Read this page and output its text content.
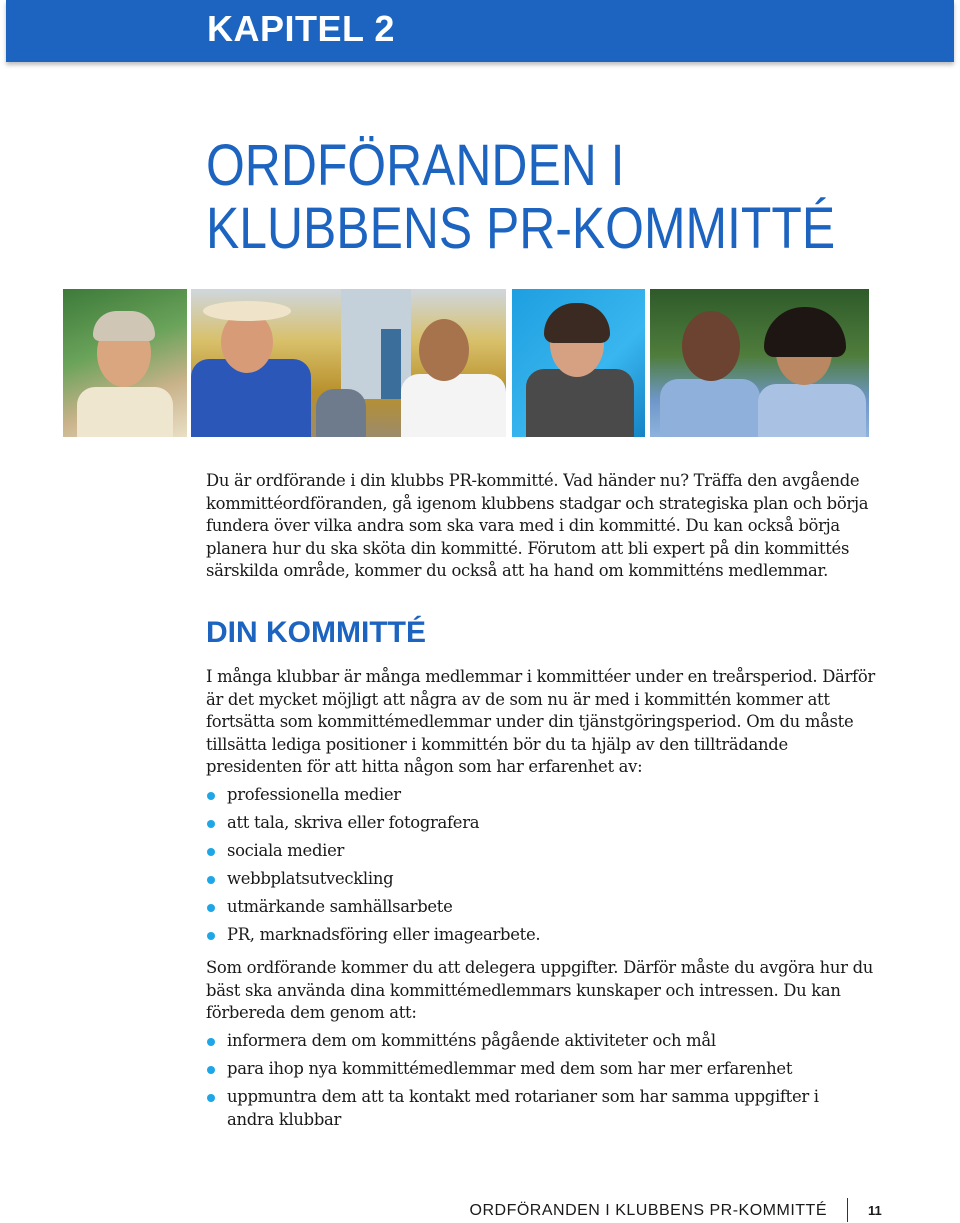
KAPITEL 2
ORDFÖRANDEN I
KLUBBENS PR-KOMMITTÉ

Du är ordförande i din klubbs PR-kommitté. Vad händer nu? Träffa den avgående kommittéordföranden, gå igenom klubbens stadgar och strategiska plan och börja fundera över vilka andra som ska vara med i din kommitté. Du kan också börja planera hur du ska sköta din kommitté. Förutom att bli expert på din kommittés särskilda område, kommer du också att ha hand om kommitténs medlemmar.

DIN KOMMITTÉ

I många klubbar är många medlemmar i kommittéer under en treårsperiod. Därför är det mycket möjligt att några av de som nu är med i kommittén kommer att fortsätta som kommittémedlemmar under din tjänstgöringsperiod. Om du måste tillsätta lediga positioner i kommittén bör du ta hjälp av den tillträdande presidenten för att hitta någon som har erfarenhet av:

professionella medier
att tala, skriva eller fotografera
sociala medier
webbplatsutveckling
utmärkande samhällsarbete
PR, marknadsföring eller imagearbete.

Som ordförande kommer du att delegera uppgifter. Därför måste du avgöra hur du bäst ska använda dina kommittémedlemmars kunskaper och intressen. Du kan förbereda dem genom att:

informera dem om kommitténs pågående aktiviteter och mål
para ihop nya kommittémedlemmar med dem som har mer erfarenhet
uppmuntra dem att ta kontakt med rotarianer som har samma uppgifter i andra klubbar
ORDFÖRANDEN I KLUBBENS PR-KOMMITTÉ	11
